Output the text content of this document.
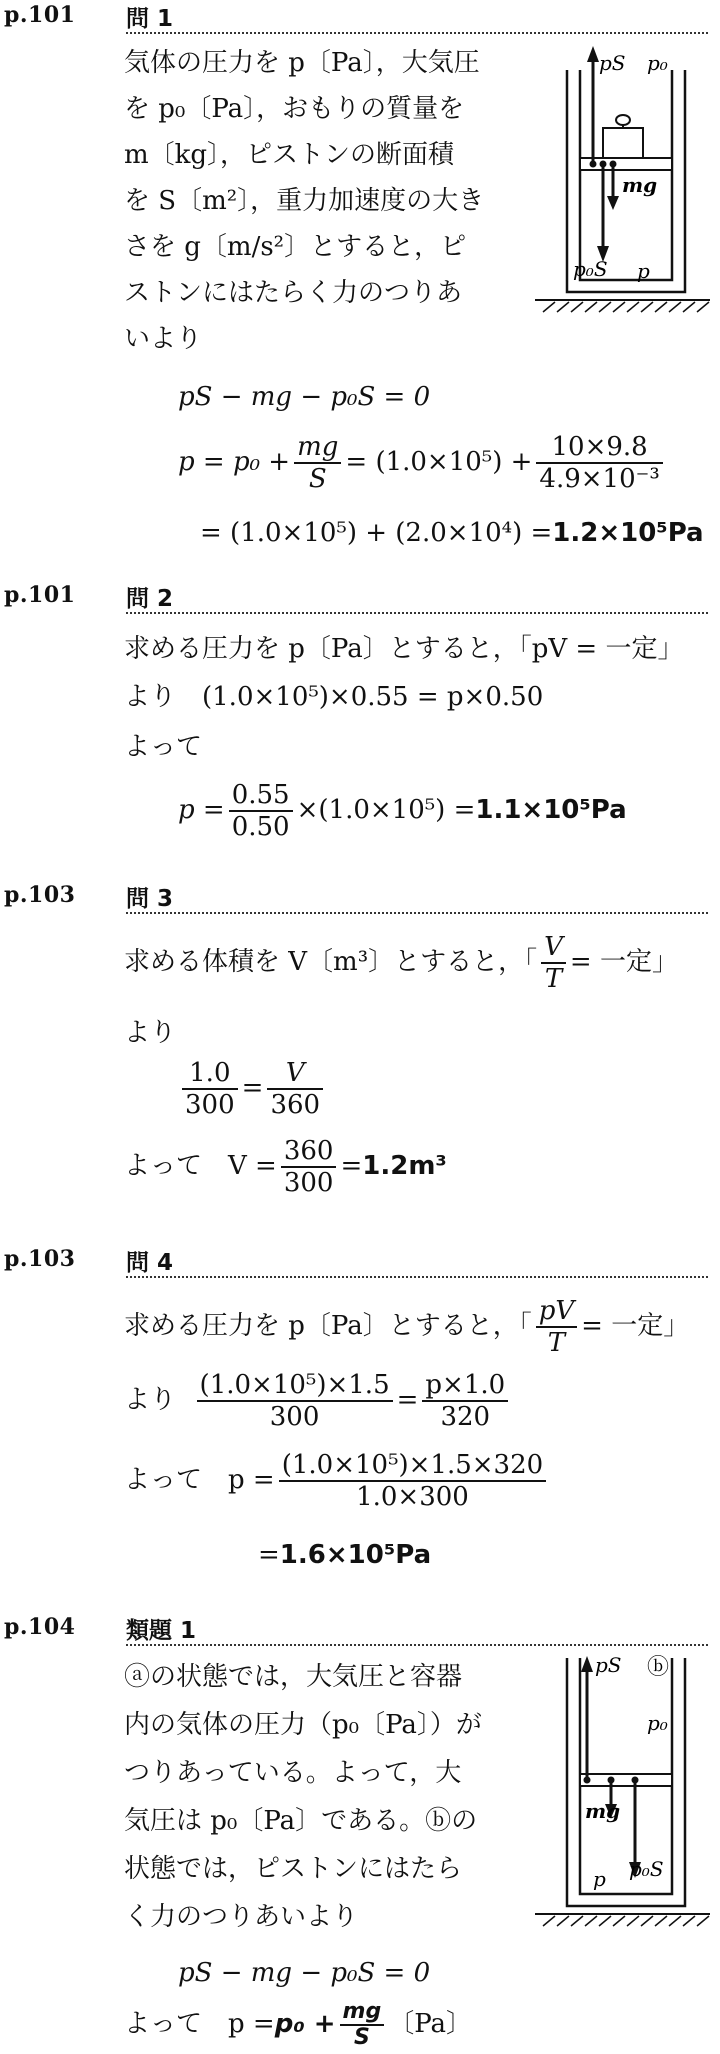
p.101 問 1
気体の圧力を p〔Pa〕，大気圧
を p₀〔Pa〕，おもりの質量を
m〔kg〕，ピストンの断面積
を S〔m²〕，重力加速度の大き
さを g〔m/s²〕とすると，ピ
ストンにはたらく力のつりあ
いより
pS p₀
mg
p₀S p
pS − mg − p₀S = 0
$p = p_0 + \frac{mg}{S} = (1.0\times 10^5) + \frac{10\times 9.8}{\text{4.9×10⁻³}}$
= (1.0×10⁵) + (2.0×10⁴) =1.2×10⁵Pa
p.101 問 2
求める圧力を p〔Pa〕とすると，「pV = 一定」
より　(1.0×10⁵)×0.55 = p×0.50
よって
$p = \frac{0.55}{0.50} \times(1.0\times 10^5) =1.1\times 10^5Pa$
p.103 問 3
求める体積を V〔m³〕とすると，「 $\frac{V}{T}$ = 一定」
より
$\frac{1.0}{300} = \frac{V}{360}$
よって　$V = \frac{360}{300} =1.2m^3$
p.103 問 4
求める圧力を p〔Pa〕とすると，「 $\frac{pV}{T}$ = 一定」
より $\frac{\text{(1.0×10⁵)×1.5}}{300} = \frac{p\times 1.0}{320}$
よって　$p = \frac{\text{(1.0×10⁵)×1.5×320}}{1.0\times 300}$
=1.6×10⁵Pa
p.104 類題 1
ⓐの状態では，大気圧と容器
内の気体の圧力（p₀〔Pa〕）が
つりあっている。よって，大
気圧は p₀〔Pa〕である。ⓑの
状態では，ピストンにはたら
く力のつりあいより
pS ⓑ
p₀
mg
p p₀S
pS − mg − p₀S = 0
よって　$p =p_0 + \frac{mg}{S}$ 〔Pa〕
